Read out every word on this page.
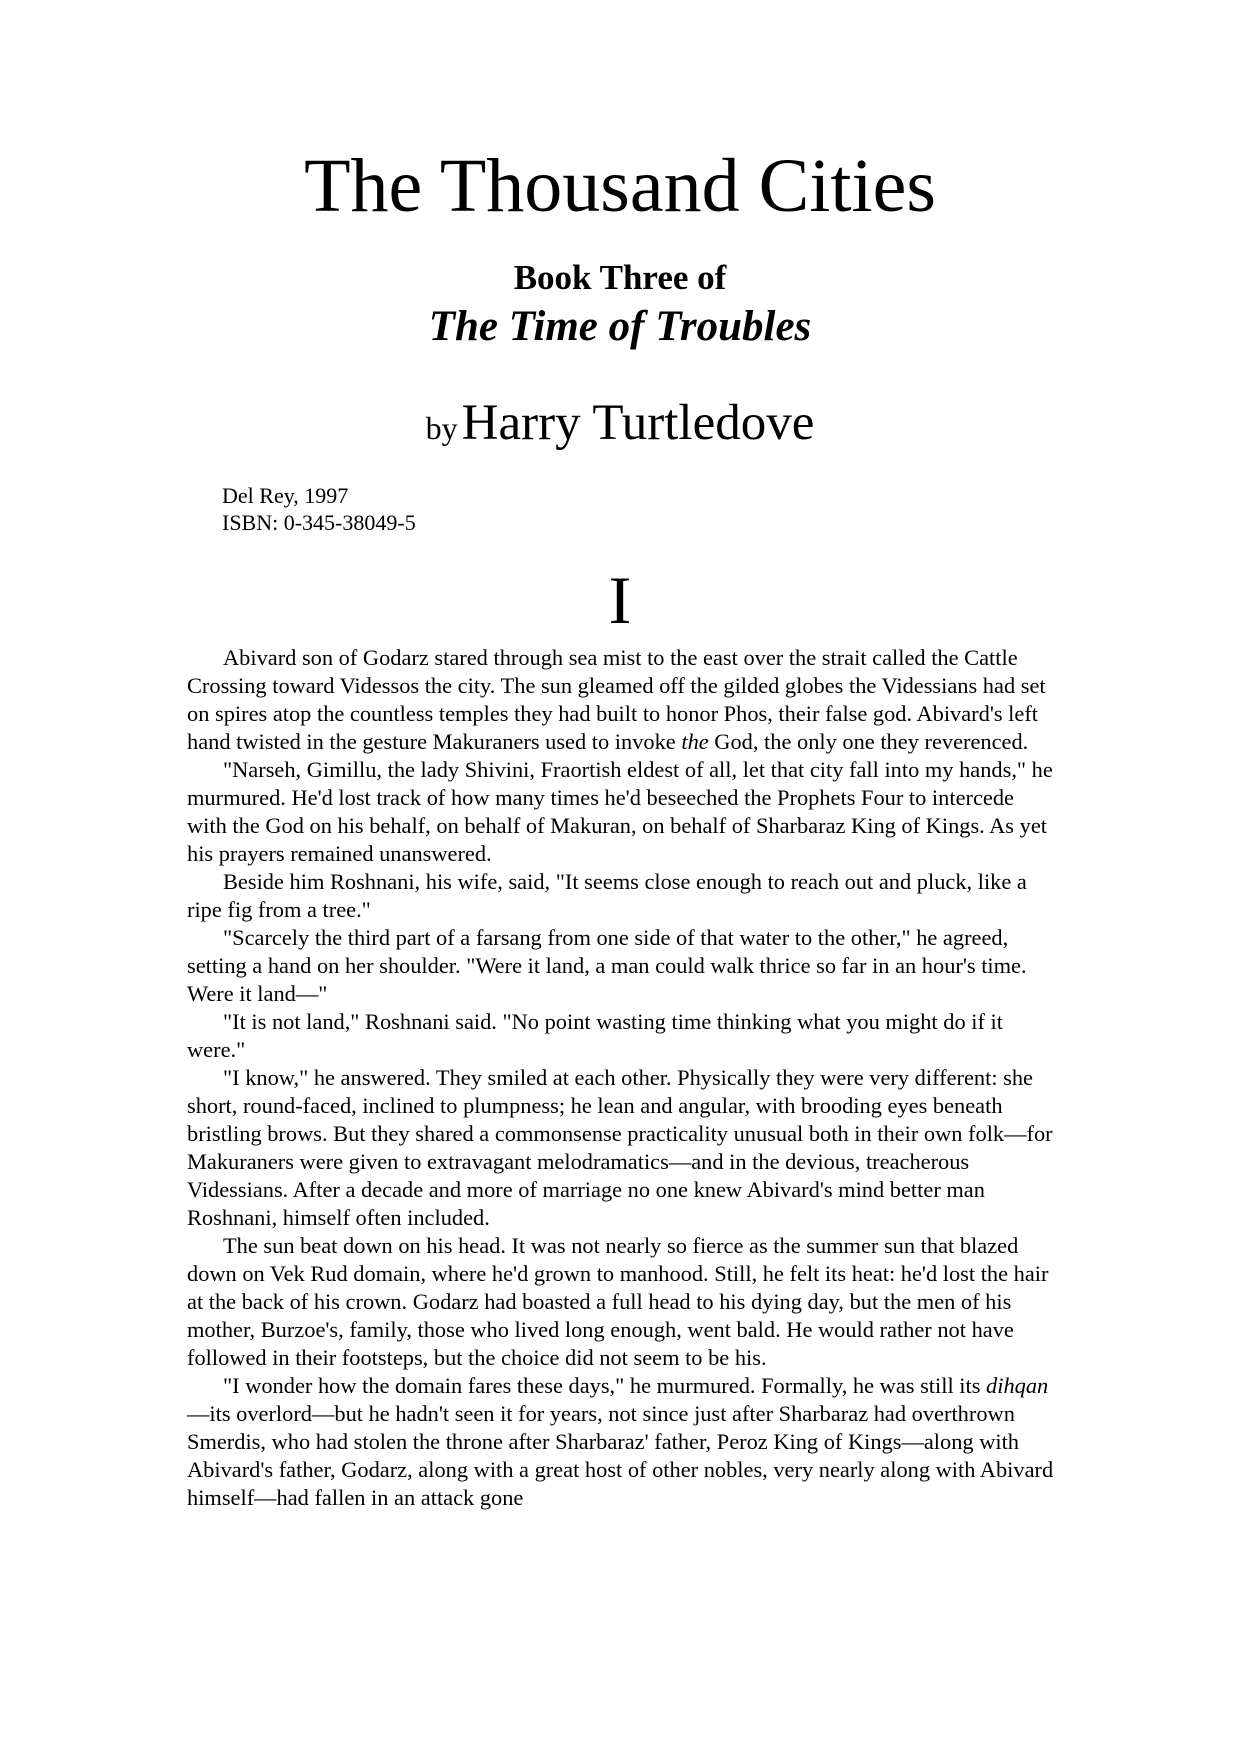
The Thousand Cities
Book Three of
The Time of Troubles
by Harry Turtledove
Del Rey, 1997
ISBN: 0-345-38049-5
I

Abivard son of Godarz stared through sea mist to the east over the strait called the Cattle Crossing toward Videssos the city. The sun gleamed off the gilded globes the Videssians had set on spires atop the countless temples they had built to honor Phos, their false god. Abivard's left hand twisted in the gesture Makuraners used to invoke the God, the only one they reverenced.

"Narseh, Gimillu, the lady Shivini, Fraortish eldest of all, let that city fall into my hands," he murmured. He'd lost track of how many times he'd beseeched the Prophets Four to intercede with the God on his behalf, on behalf of Makuran, on behalf of Sharbaraz King of Kings. As yet his prayers remained unanswered.

Beside him Roshnani, his wife, said, "It seems close enough to reach out and pluck, like a ripe fig from a tree."

"Scarcely the third part of a farsang from one side of that water to the other," he agreed, setting a hand on her shoulder. "Were it land, a man could walk thrice so far in an hour's time. Were it land—"

"It is not land," Roshnani said. "No point wasting time thinking what you might do if it were."

"I know," he answered. They smiled at each other. Physically they were very different: she short, round-faced, inclined to plumpness; he lean and angular, with brooding eyes beneath bristling brows. But they shared a commonsense practicality unusual both in their own folk—for Makuraners were given to extravagant melodramatics—and in the devious, treacherous Videssians. After a decade and more of marriage no one knew Abivard's mind better man Roshnani, himself often included.

The sun beat down on his head. It was not nearly so fierce as the summer sun that blazed down on Vek Rud domain, where he'd grown to manhood. Still, he felt its heat: he'd lost the hair at the back of his crown. Godarz had boasted a full head to his dying day, but the men of his mother, Burzoe's, family, those who lived long enough, went bald. He would rather not have followed in their footsteps, but the choice did not seem to be his.

"I wonder how the domain fares these days," he murmured. Formally, he was still its dihqan—its overlord—but he hadn't seen it for years, not since just after Sharbaraz had overthrown Smerdis, who had stolen the throne after Sharbaraz' father, Peroz King of Kings—along with Abivard's father, Godarz, along with a great host of other nobles, very nearly along with Abivard himself—had fallen in an attack gone
